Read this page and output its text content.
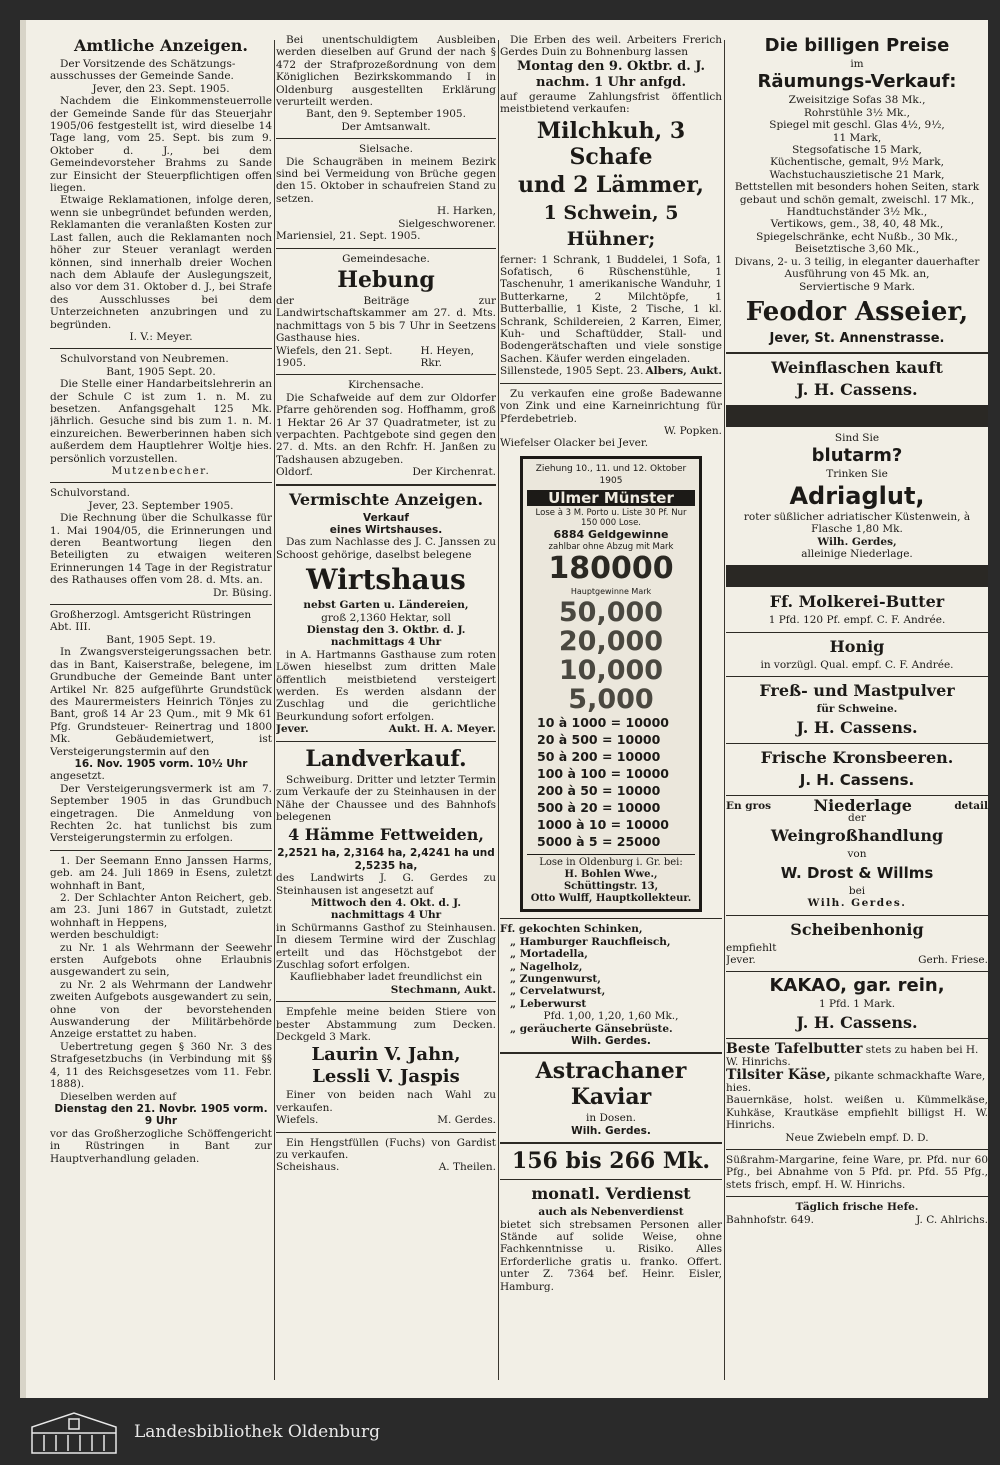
Amtliche Anzeigen.

Der Vorsitzende des Schätzungs-ausschusses der Gemeinde Sande.

Jever, den 23. Sept. 1905.

Nachdem die Einkommensteuerrolle der Gemeinde Sande für das Steuerjahr 1905/06 festgestellt ist, wird dieselbe 14 Tage lang, vom 25. Sept. bis zum 9. Oktober d. J., bei dem Gemeindevorsteher Brahms zu Sande zur Einsicht der Steuerpflichtigen offen liegen.

Etwaige Reklamationen, infolge deren, wenn sie unbegründet befunden werden, Reklamanten die veranlaßten Kosten zur Last fallen, auch die Reklamanten noch höher zur Steuer veranlagt werden können, sind innerhalb dreier Wochen nach dem Ablaufe der Auslegungszeit, also vor dem 31. Oktober d. J., bei Strafe des Ausschlusses bei dem Unterzeichneten anzubringen und zu begründen.

I. V.: Meyer.

Schulvorstand von Neubremen.

Bant, 1905 Sept. 20.

Die Stelle einer Handarbeitslehrerin an der Schule C ist zum 1. n. M. zu besetzen. Anfangsgehalt 125 Mk. jährlich. Gesuche sind bis zum 1. n. M. einzureichen. Bewerberinnen haben sich außerdem dem Hauptlehrer Woltje hies. persönlich vorzustellen.

Mutzenbecher.

Schulvorstand.

Jever, 23. September 1905.

Die Rechnung über die Schulkasse für 1. Mai 1904/05, die Erinnerungen und deren Beantwortung liegen den Beteiligten zu etwaigen weiteren Erinnerungen 14 Tage in der Registratur des Rathauses offen vom 28. d. Mts. an.

Dr. Büsing.

Großherzogl. Amtsgericht Rüstringen Abt. III.

Bant, 1905 Sept. 19.

In Zwangsversteigerungssachen betr. das in Bant, Kaiserstraße, belegene, im Grundbuche der Gemeinde Bant unter Artikel Nr. 825 aufgeführte Grundstück des Maurermeisters Heinrich Tönjes zu Bant, groß 14 Ar 23 Qum., mit 9 Mk 61 Pfg. Grundsteuer- Reinertrag und 1800 Mk. Gebäudemietwert, ist Versteigerungstermin auf den

16. Nov. 1905 vorm. 10½ Uhr

angesetzt.

Der Versteigerungsvermerk ist am 7. September 1905 in das Grundbuch eingetragen. Die Anmeldung von Rechten 2c. hat tunlichst bis zum Versteigerungstermin zu erfolgen.

1. Der Seemann Enno Janssen Harms, geb. am 24. Juli 1869 in Esens, zuletzt wohnhaft in Bant,

2. Der Schlachter Anton Reichert, geb. am 23. Juni 1867 in Gutstadt, zuletzt wohnhaft in Heppens,

werden beschuldigt:

zu Nr. 1 als Wehrmann der Seewehr ersten Aufgebots ohne Erlaubnis ausgewandert zu sein,

zu Nr. 2 als Wehrmann der Landwehr zweiten Aufgebots ausgewandert zu sein, ohne von der bevorstehenden Auswanderung der Militärbehörde Anzeige erstattet zu haben.

Uebertretung gegen § 360 Nr. 3 des Strafgesetzbuchs (in Verbindung mit §§ 4, 11 des Reichsgesetzes vom 11. Febr. 1888).

Dieselben werden auf

Dienstag den 21. Novbr. 1905 vorm. 9 Uhr

vor das Großherzogliche Schöffengericht in Rüstringen in Bant zur Hauptverhandlung geladen.

Bei unentschuldigtem Ausbleiben werden dieselben auf Grund der nach § 472 der Strafprozeßordnung von dem Königlichen Bezirkskommando I in Oldenburg ausgestellten Erklärung verurteilt werden.

Bant, den 9. September 1905.

Der Amtsanwalt.

Sielsache.

Die Schaugräben in meinem Bezirk sind bei Vermeidung von Brüche gegen den 15. Oktober in schaufreien Stand zu setzen.

H. Harken,

Sielgeschworener.

Mariensiel, 21. Sept. 1905.

Gemeindesache.

Hebung

der Beiträge zur Landwirtschaftskammer am 27. d. Mts. nachmittags von 5 bis 7 Uhr in Seetzens Gasthause hies.

Wiefels, den 21. Sept. 1905.
H. Heyen, Rkr.

Kirchensache.

Die Schafweide auf dem zur Oldorfer Pfarre gehörenden sog. Hoffhamm, groß 1 Hektar 26 Ar 37 Quadratmeter, ist zu verpachten. Pachtgebote sind gegen den 27. d. Mts. an den Rchfr. H. Janßen zu Tadshausen abzugeben.

Oldorf.	Der Kirchenrat.
Vermischte Anzeigen.

Verkauf

eines Wirtshauses.

Das zum Nachlasse des J. C. Janssen zu Schoost gehörige, daselbst belegene

Wirtshaus

nebst Garten u. Ländereien,

groß 2,1360 Hektar, soll

Dienstag den 3. Oktbr. d. J. nachmittags 4 Uhr

in A. Hartmanns Gasthause zum roten Löwen hieselbst zum dritten Male öffentlich meistbietend versteigert werden. Es werden alsdann der Zuschlag und die gerichtliche Beurkundung sofort erfolgen.

Jever.	Aukt. H. A. Meyer.
Landverkauf.

Schweiburg. Dritter und letzter Termin zum Verkaufe der zu Steinhausen in der Nähe der Chaussee und des Bahnhofs belegenen

4 Hämme Fettweiden,

2,2521 ha, 2,3164 ha, 2,4241 ha und 2,5235 ha,

des Landwirts J. G. Gerdes zu Steinhausen ist angesetzt auf

Mittwoch den 4. Okt. d. J. nachmittags 4 Uhr

in Schürmanns Gasthof zu Steinhausen. In diesem Termine wird der Zuschlag erteilt und das Höchstgebot der Zuschlag sofort erfolgen.

Kaufliebhaber ladet freundlichst ein

Stechmann, Aukt.

Empfehle meine beiden Stiere von bester Abstammung zum Decken. Deckgeld 3 Mark.

Laurin V. Jahn,
Lessli V. Jaspis

Einer von beiden nach Wahl zu verkaufen.

Wiefels.	M. Gerdes.

Ein Hengstfüllen (Fuchs) von Gardist zu verkaufen.

Scheishaus.	A. Theilen.

Die Erben des weil. Arbeiters Frerich Gerdes Duin zu Bohnenburg lassen

Montag den 9. Oktbr. d. J. nachm. 1 Uhr anfgd.

auf geraume Zahlungsfrist öffentlich meistbietend verkaufen:

Milchkuh, 3 Schafe
und 2 Lämmer,
1 Schwein, 5 Hühner;

ferner: 1 Schrank, 1 Buddelei, 1 Sofa, 1 Sofatisch, 6 Rüschenstühle, 1 Taschenuhr, 1 amerikanische Wanduhr, 1 Butterkarne, 2 Milchtöpfe, 1 Butterballie, 1 Kiste, 2 Tische, 1 kl. Schrank, Schildereien, 2 Karren, Eimer, Kuh- und Schaftüdder, Stall- und Bodengerätschaften und viele sonstige Sachen. Käufer werden eingeladen.

Sillenstede, 1905 Sept. 23. Albers, Aukt.

Zu verkaufen eine große Badewanne von Zink und eine Karneinrichtung für Pferdebetrieb.

W. Popken.

Wiefelser Olacker bei Jever.

Ziehung 10., 11. und 12. Oktober 1905
Ulmer Münster
Lose à 3 M. Porto u. Liste 30 Pf. Nur 150 000 Lose.
6884 Geldgewinne
zahlbar ohne Abzug mit Mark
180000
Hauptgewinne Mark
50,000
20,000
10,000
5,000
10 à 1000 = 10000
20 à 500 = 10000
50 à 200 = 10000
100 à 100 = 10000
200 à 50 = 10000
500 à 20 = 10000
1000 à 10 = 10000
5000 à 5 = 25000
Lose in Oldenburg i. Gr. bei:
H. Bohlen Wwe., Schüttingstr. 13,
Otto Wulff, Hauptkollekteur.

Ff. gekochten Schinken,

„ Hamburger Rauchfleisch,

„ Mortadella,

„ Nagelholz,

„ Zungenwurst,

„ Cervelatwurst,

„ Leberwurst

Pfd. 1,00, 1,20, 1,60 Mk.,

„ geräucherte Gänsebrüste.

Wilh. Gerdes.

Astrachaner Kaviar

in Dosen.

Wilh. Gerdes.

156 bis 266 Mk.
monatl. Verdienst

auch als Nebenverdienst

bietet sich strebsamen Personen aller Stände auf solide Weise, ohne Fachkenntnisse u. Risiko. Alles Erforderliche gratis u. franko. Offert. unter Z. 7364 bef. Heinr. Eisler, Hamburg.

Die billigen Preise

im

Räumungs-Verkauf:

Zweisitzige Sofas 38 Mk.,

Rohrstühle 3½ Mk.,

Spiegel mit geschl. Glas 4½, 9½,

11 Mark,

Stegsofatische 15 Mark,

Küchentische, gemalt, 9½ Mark,

Wachstuchauszietische 21 Mark,

Bettstellen mit besonders hohen Seiten, stark gebaut und schön gemalt, zweischl. 17 Mk.,

Handtuchständer 3½ Mk.,

Vertikows, gem., 38, 40, 48 Mk.,

Spiegelschränke, echt Nußb., 30 Mk.,

Beisetztische 3,60 Mk.,

Divans, 2- u. 3 teilig, in eleganter dauerhafter Ausführung von 45 Mk. an,

Serviertische 9 Mark.

Feodor Asseier,

Jever, St. Annenstrasse.

Weinflaschen kauft
J. H. Cassens.

Sind Sie

blutarm?

Trinken Sie

Adriaglut,

roter süßlicher adriatischer Küstenwein, à Flasche 1,80 Mk.

Wilh. Gerdes,

alleinige Niederlage.

Ff. Molkerei-Butter

1 Pfd. 120 Pf. empf. C. F. Andrée.

Honig

in vorzügl. Qual. empf. C. F. Andrée.

Freß- und Mastpulver

für Schweine.

J. H. Cassens.
Frische Kronsbeeren.
J. H. Cassens.
En gros	Niederlage	detail

der

Weingroßhandlung

von

W. Drost & Willms

bei

Wilh. Gerdes.

Scheibenhonig

empfiehlt

Jever.	Gerh. Friese.
KAKAO, gar. rein,

1 Pfd. 1 Mark.

J. H. Cassens.

Beste Tafelbutter stets zu haben bei H. W. Hinrichs.

Tilsiter Käse, pikante schmackhafte Ware, hies.

Bauernkäse, holst. weißen u. Kümmelkäse, Kuhkäse, Krautkäse empfiehlt billigst H. W. Hinrichs.

Neue Zwiebeln empf. D. D.

Süßrahm-Margarine, feine Ware, pr. Pfd. nur 60 Pfg., bei Abnahme von 5 Pfd. pr. Pfd. 55 Pfg., stets frisch, empf. H. W. Hinrichs.

Täglich frische Hefe.

Bahnhofstr. 649.	J. C. Ahlrichs.
Landesbibliothek Oldenburg
